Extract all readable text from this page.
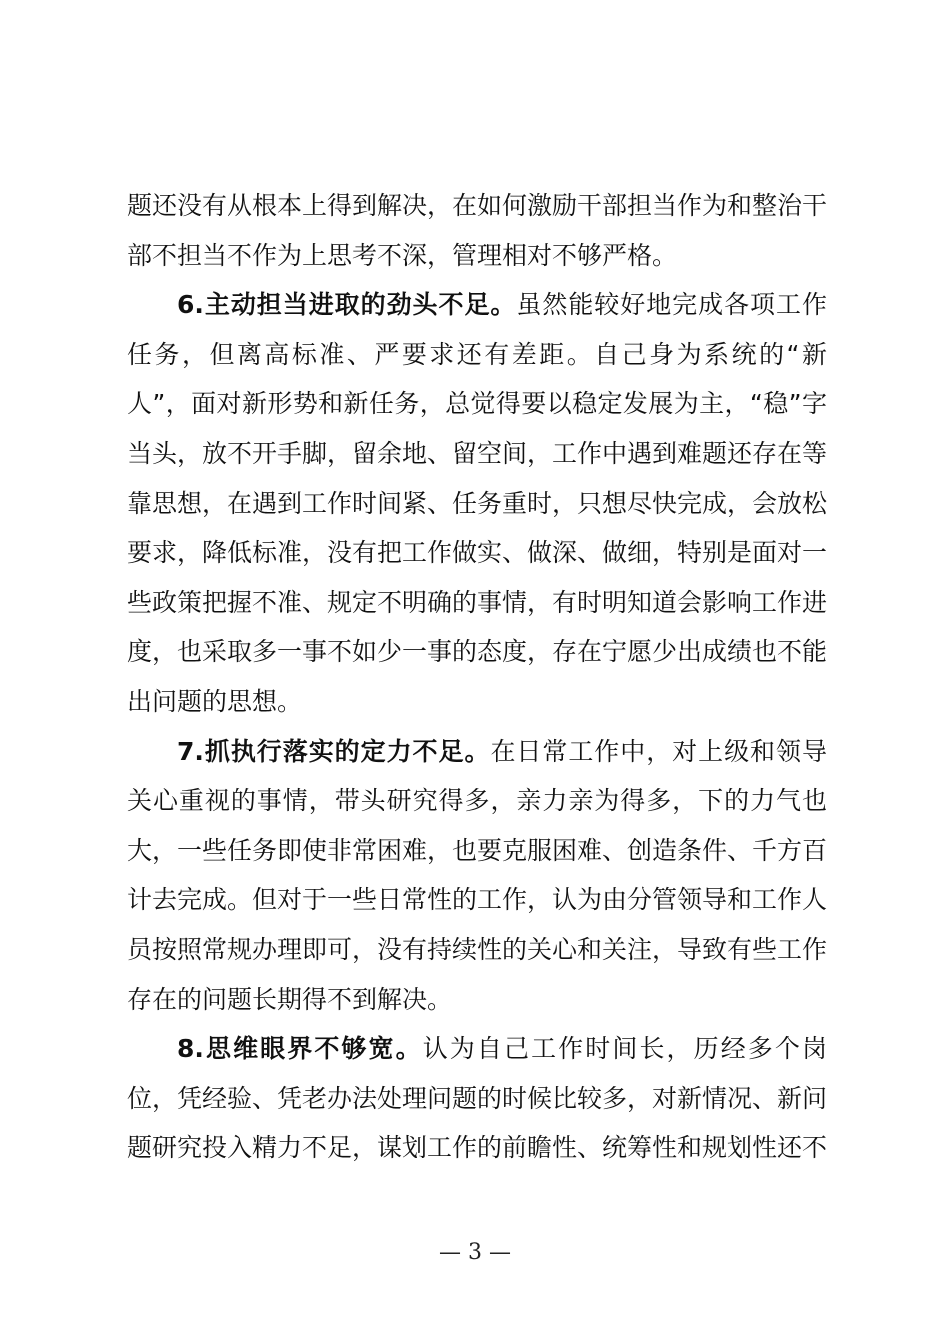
题还没有从根本上得到解决，在如何激励干部担当作为和整治干部不担当不作为上思考不深，管理相对不够严格。

6.主动担当进取的劲头不足。虽然能较好地完成各项工作任务，但离高标准、严要求还有差距。自己身为系统的“新人”，面对新形势和新任务，总觉得要以稳定发展为主，“稳”字当头，放不开手脚，留余地、留空间，工作中遇到难题还存在等靠思想，在遇到工作时间紧、任务重时，只想尽快完成，会放松要求，降低标准，没有把工作做实、做深、做细，特别是面对一些政策把握不准、规定不明确的事情，有时明知道会影响工作进度，也采取多一事不如少一事的态度，存在宁愿少出成绩也不能出问题的思想。

7.抓执行落实的定力不足。在日常工作中，对上级和领导关心重视的事情，带头研究得多，亲力亲为得多，下的力气也大，一些任务即使非常困难，也要克服困难、创造条件、千方百计去完成。但对于一些日常性的工作，认为由分管领导和工作人员按照常规办理即可，没有持续性的关心和关注，导致有些工作存在的问题长期得不到解决。

8.思维眼界不够宽。认为自己工作时间长，历经多个岗位，凭经验、凭老办法处理问题的时候比较多，对新情况、新问题研究投入精力不足，谋划工作的前瞻性、统筹性和规划性还不

— 3 —
